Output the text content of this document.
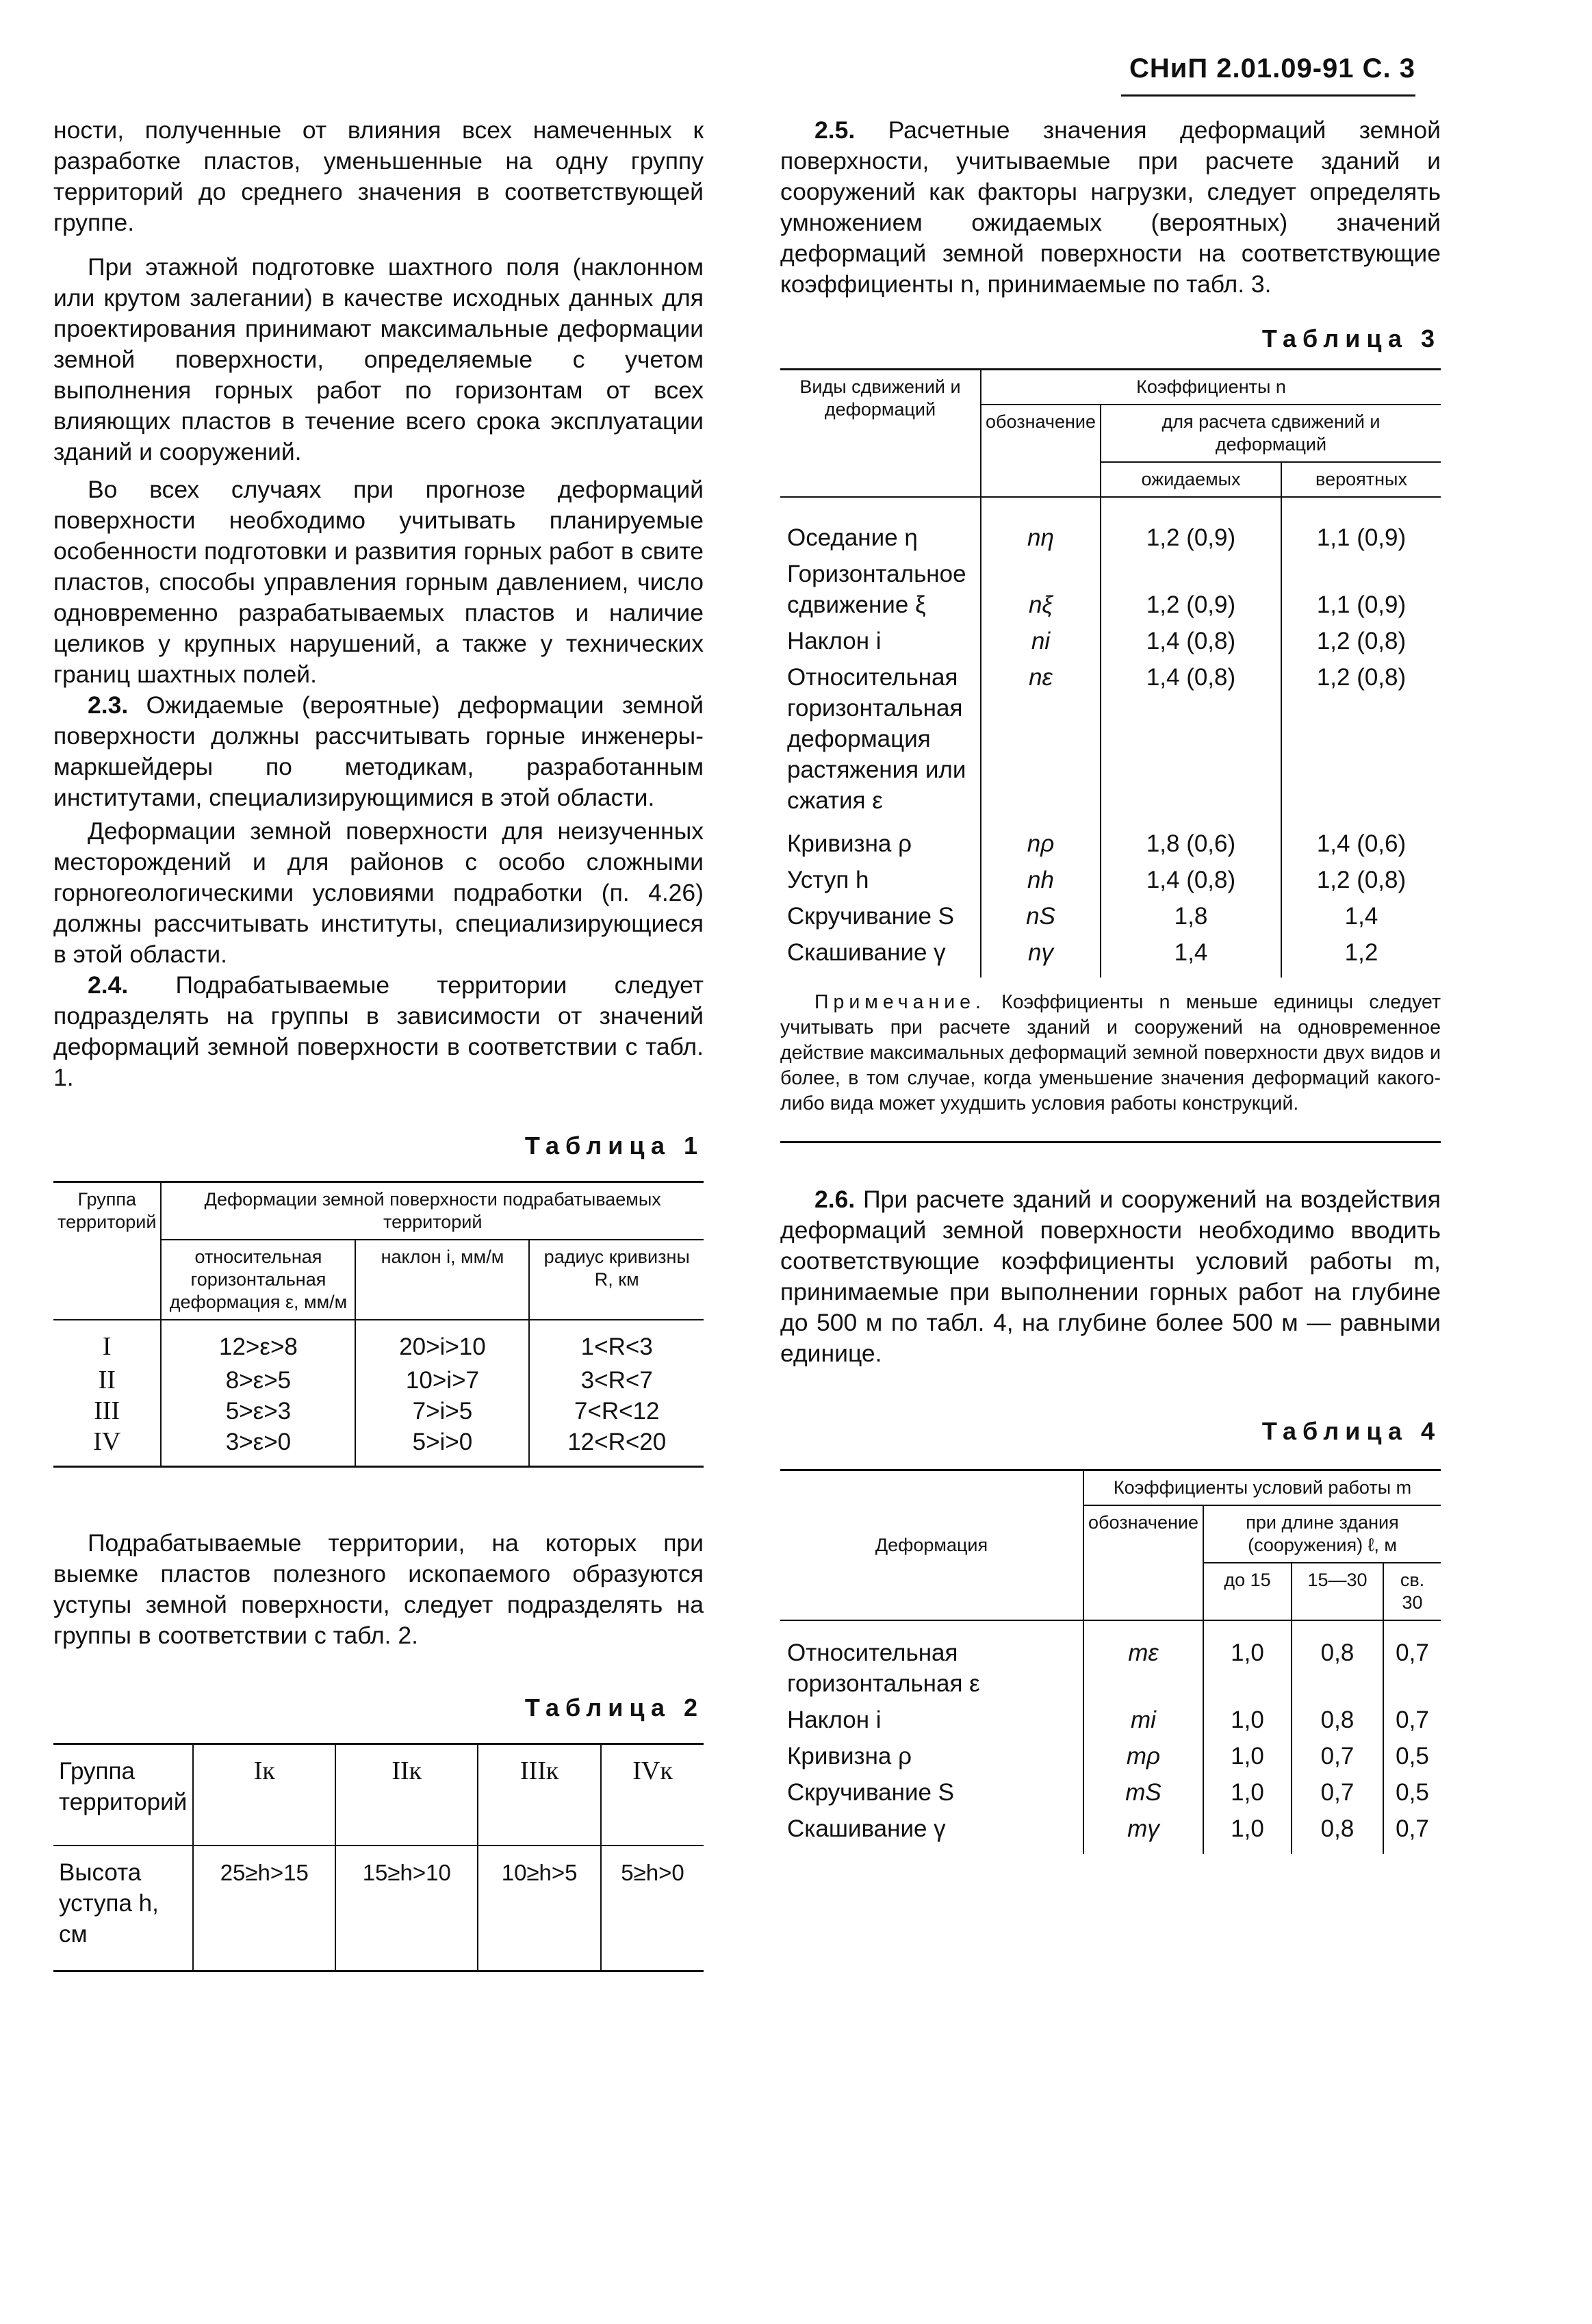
СНиП 2.01.09-91 С. 3

ности, полученные от влияния всех намеченных к разработке пластов, уменьшенные на одну группу территорий до среднего значения в соответствующей группе.

При этажной подготовке шахтного поля (наклонном или крутом залегании) в качестве исходных данных для проектирования принимают максимальные деформации земной поверхности, определяемые с учетом выполнения горных работ по горизонтам от всех влияющих пластов в течение всего срока эксплуатации зданий и сооружений.

Во всех случаях при прогнозе деформаций поверхности необходимо учитывать планируемые особенности подготовки и развития горных работ в свите пластов, способы управления горным давлением, число одновременно разрабатываемых пластов и наличие целиков у крупных нарушений, а также у технических границ шахтных полей.

2.3. Ожидаемые (вероятные) деформации земной поверхности должны рассчитывать горные инженеры-маркшейдеры по методикам, разработанным институтами, специализирующимися в этой области.

Деформации земной поверхности для неизученных месторождений и для районов с особо сложными горногеологическими условиями подработки (п. 4.26) должны рассчитывать институты, специализирующиеся в этой области.

2.4. Подрабатываемые территории следует подразделять на группы в зависимости от значений деформаций земной поверхности в соответствии с табл. 1.

Таблица 1

Группа территорий	Деформации земной поверхности подрабатываемых территорий		
	относительная горизонтальная деформация ε, мм/м	наклон i, мм/м	радиус кривизны R, км
I	12>ε>8	20>i>10	1<R<3
II	8>ε>5	10>i>7	3<R<7
III	5>ε>3	7>i>5	7<R<12
IV	3>ε>0	5>i>0	12<R<20

Подрабатываемые территории, на которых при выемке пластов полезного ископаемого образуются уступы земной поверхности, следует подразделять на группы в соответствии с табл. 2.

Таблица 2

Группа территорий	Iк	IIк	IIIк	IVк
Высота уступа h, см	25≥h>15	15≥h>10	10≥h>5	5≥h>0

2.5. Расчетные значения деформаций земной поверхности, учитываемые при расчете зданий и сооружений как факторы нагрузки, следует определять умножением ожидаемых (вероятных) значений деформаций земной поверхности на соответствующие коэффициенты n, принимаемые по табл. 3.

Таблица 3

Виды сдвижений и деформаций	Коэффициенты n		
	обозначение	для расчета сдвижений и деформаций	
		ожидаемых	вероятных
Оседание η	nη	1,2 (0,9)	1,1 (0,9)
Горизонтальное сдвижение ξ	nξ	1,2 (0,9)	1,1 (0,9)
Наклон i	ni	1,4 (0,8)	1,2 (0,8)
Относительная горизонтальная деформация растяжения или сжатия ε	nε	1,4 (0,8)	1,2 (0,8)
Кривизна ρ	nρ	1,8 (0,6)	1,4 (0,6)
Уступ h	nh	1,4 (0,8)	1,2 (0,8)
Скручивание S	nS	1,8	1,4
Скашивание γ	nγ	1,4	1,2

Примечание. Коэффициенты n меньше единицы следует учитывать при расчете зданий и сооружений на одновременное действие максимальных деформаций земной поверхности двух видов и более, в том случае, когда уменьшение значения деформаций какого-либо вида может ухудшить условия работы конструкций.

2.6. При расчете зданий и сооружений на воздействия деформаций земной поверхности необходимо вводить соответствующие коэффициенты условий работы m, принимаемые при выполнении горных работ на глубине до 500 м по табл. 4, на глубине более 500 м — равными единице.

Таблица 4

Деформация	Коэффициенты условий работы m			
	обозначение	при длине здания (сооружения) ℓ, м		
		до 15	15—30	св. 30
Относительная горизонтальная ε	mε	1,0	0,8	0,7
Наклон i	mi	1,0	0,8	0,7
Кривизна ρ	mρ	1,0	0,7	0,5
Скручивание S	mS	1,0	0,7	0,5
Скашивание γ	mγ	1,0	0,8	0,7
